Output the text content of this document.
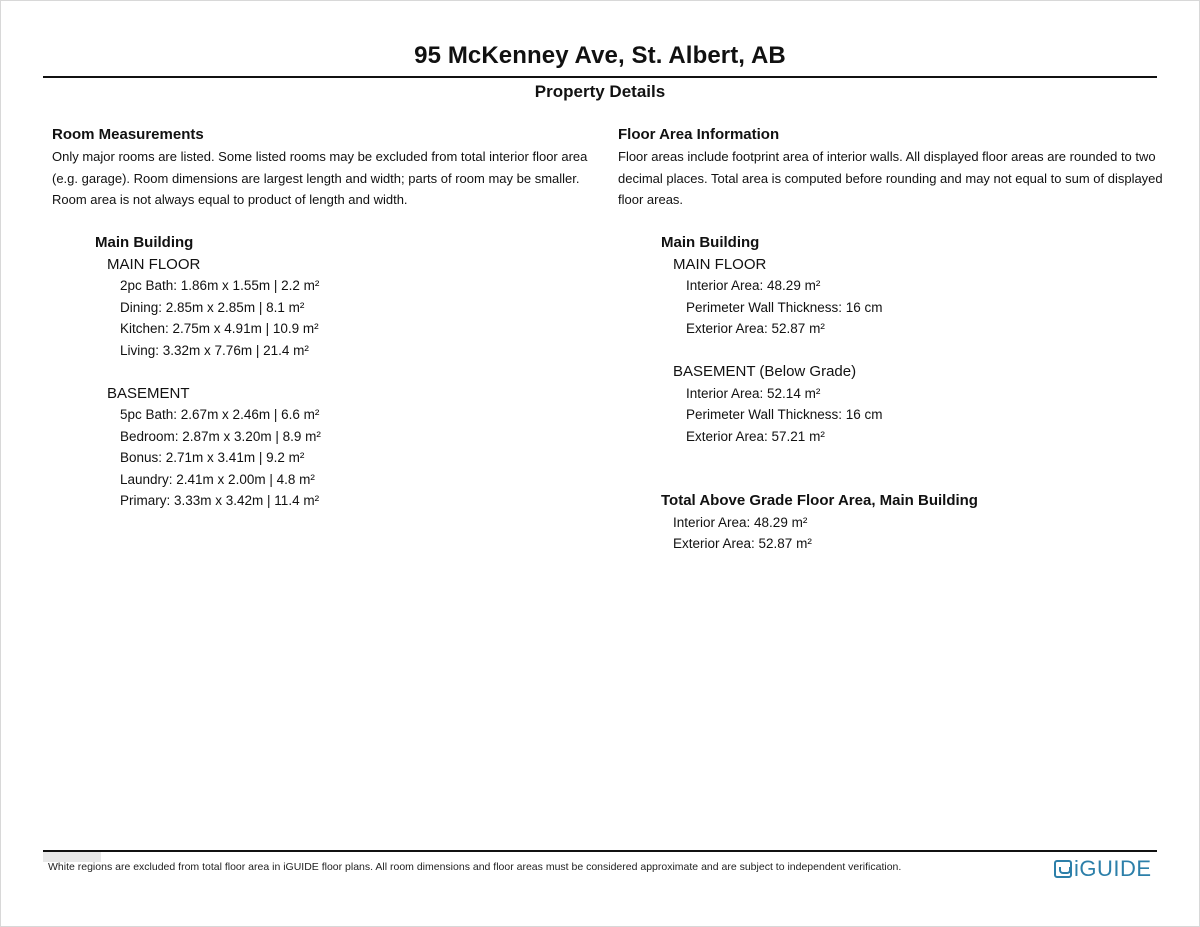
95 McKenney Ave, St. Albert, AB
Property Details

Room Measurements

Only major rooms are listed. Some listed rooms may be excluded from total interior floor area (e.g. garage). Room dimensions are largest length and width; parts of room may be smaller. Room area is not always equal to product of length and width.

Main Building
MAIN FLOOR
2pc Bath: 1.86m x 1.55m | 2.2 m²
Dining: 2.85m x 2.85m | 8.1 m²
Kitchen: 2.75m x 4.91m | 10.9 m²
Living: 3.32m x 7.76m | 21.4 m²
BASEMENT
5pc Bath: 2.67m x 2.46m | 6.6 m²
Bedroom: 2.87m x 3.20m | 8.9 m²
Bonus: 2.71m x 3.41m | 9.2 m²
Laundry: 2.41m x 2.00m | 4.8 m²
Primary: 3.33m x 3.42m | 11.4 m²

Floor Area Information

Floor areas include footprint area of interior walls. All displayed floor areas are rounded to two decimal places. Total area is computed before rounding and may not equal to sum of displayed floor areas.

Main Building
MAIN FLOOR
Interior Area: 48.29 m²
Perimeter Wall Thickness: 16 cm
Exterior Area: 52.87 m²
BASEMENT (Below Grade)
Interior Area: 52.14 m²
Perimeter Wall Thickness: 16 cm
Exterior Area: 57.21 m²
Total Above Grade Floor Area, Main Building
Interior Area: 48.29 m²
Exterior Area: 52.87 m²
White regions are excluded from total floor area in iGUIDE floor plans. All room dimensions and floor areas must be considered approximate and are subject to independent verification.	iGUIDE
